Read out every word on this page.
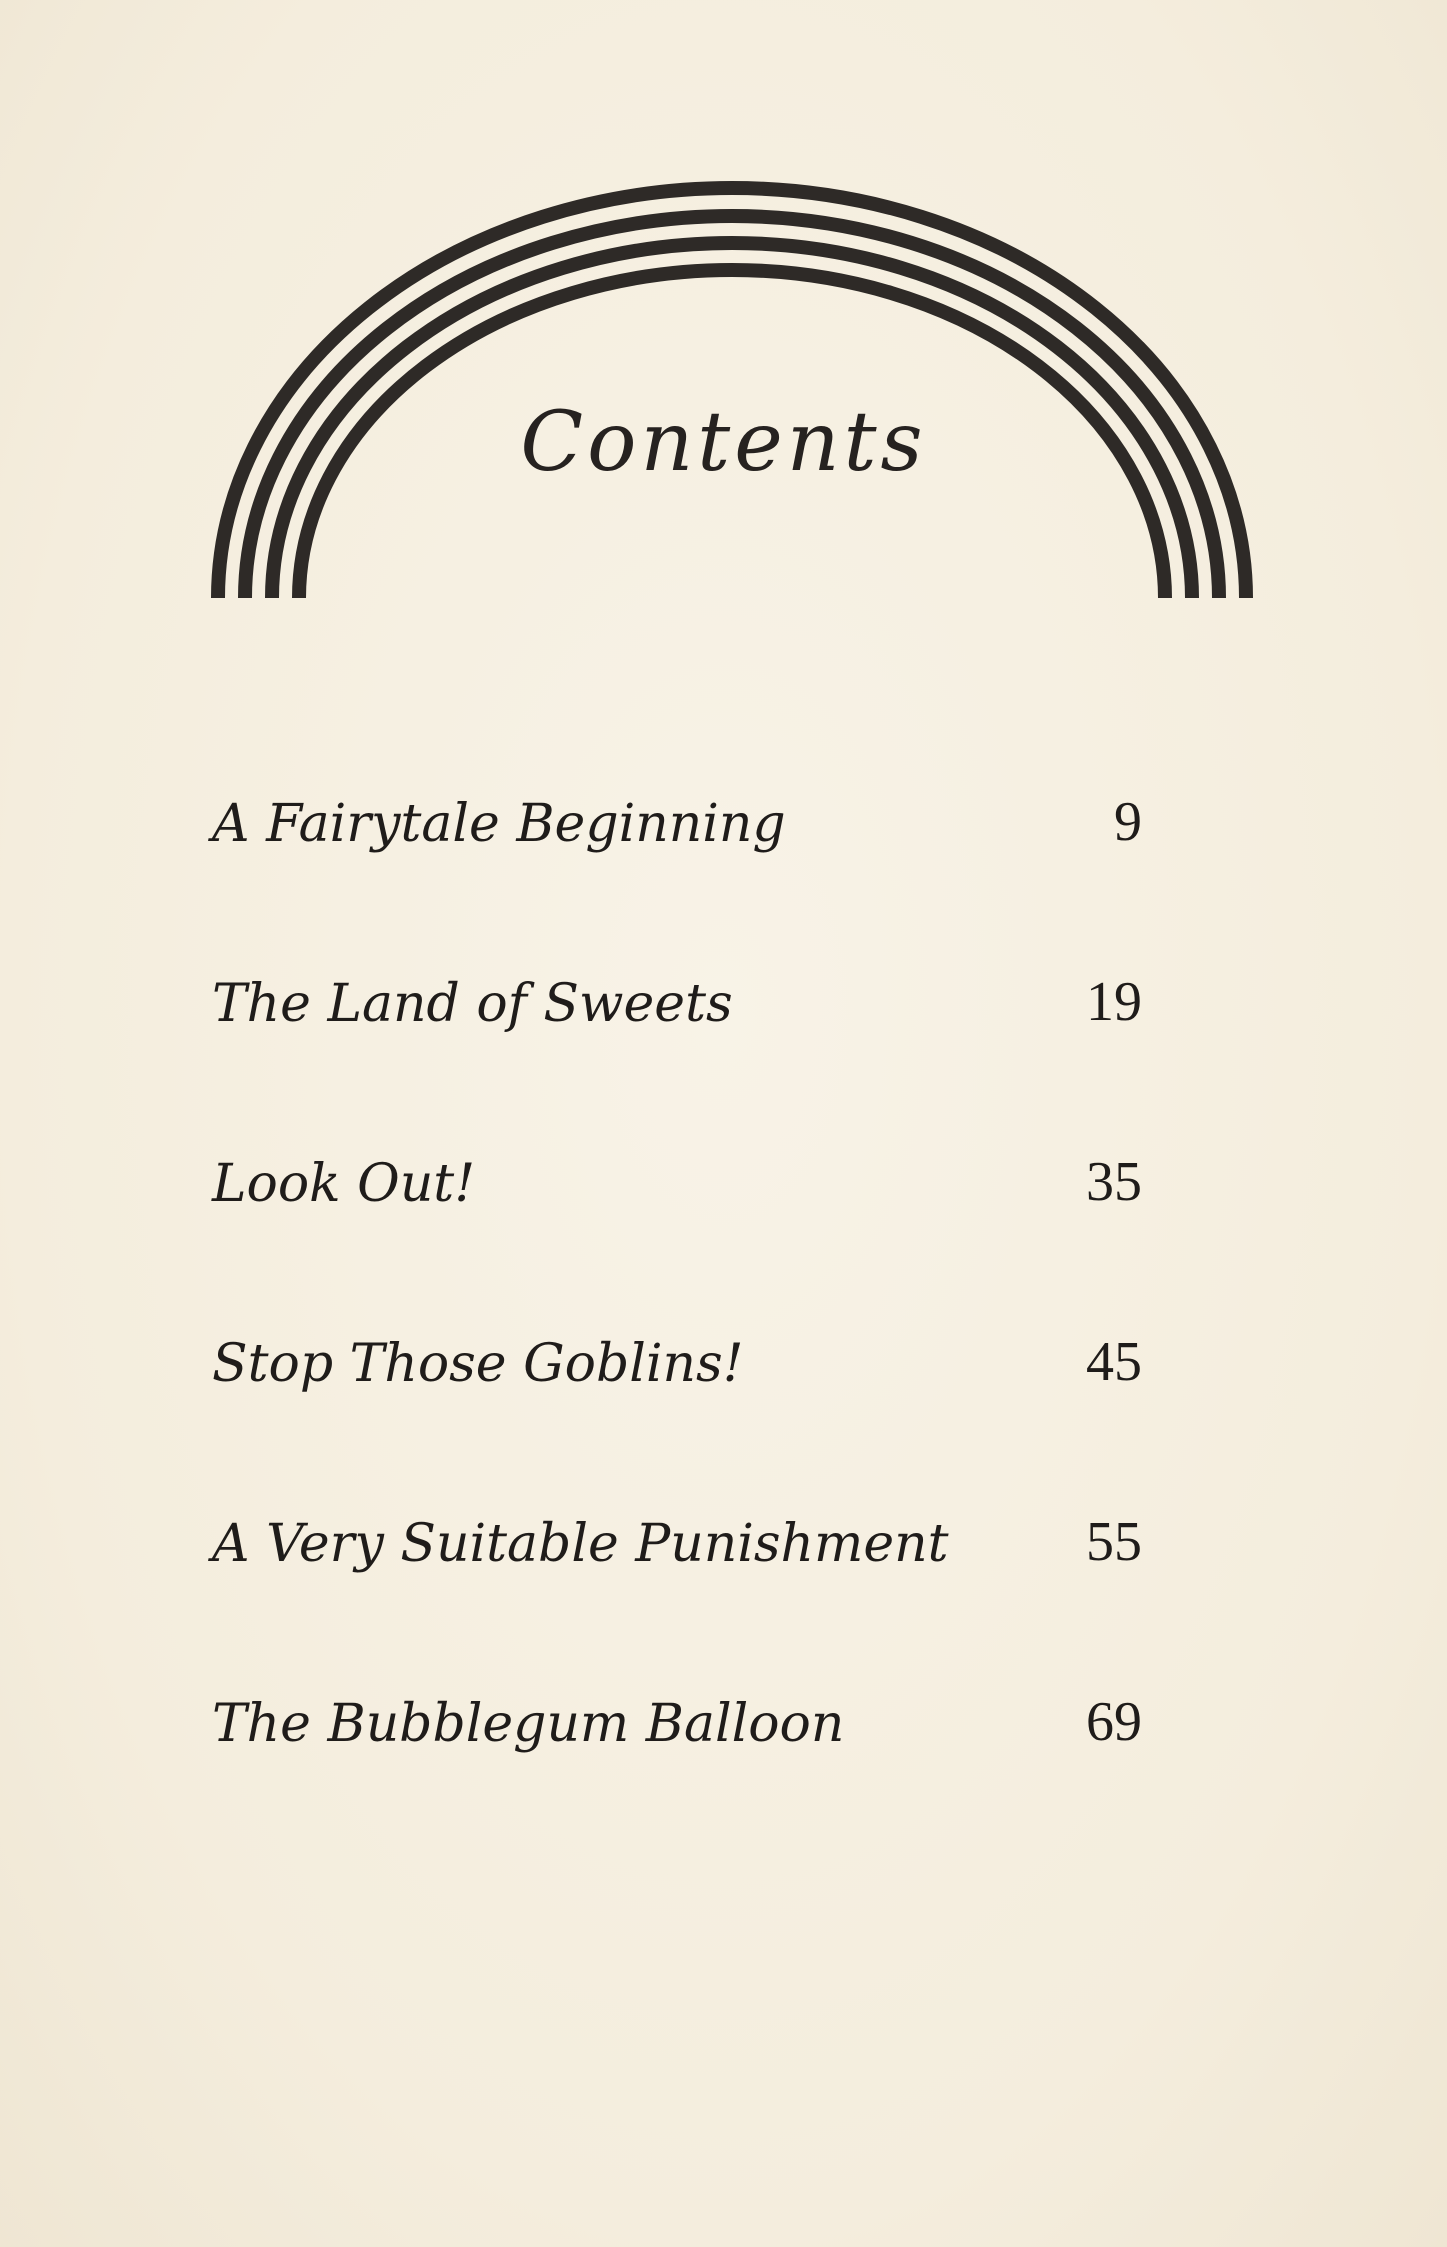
Contents
A Fairytale Beginning	9
The Land of Sweets	19
Look Out!	35
Stop Those Goblins!	45
A Very Suitable Punishment 55
The Bubblegum Balloon	69
